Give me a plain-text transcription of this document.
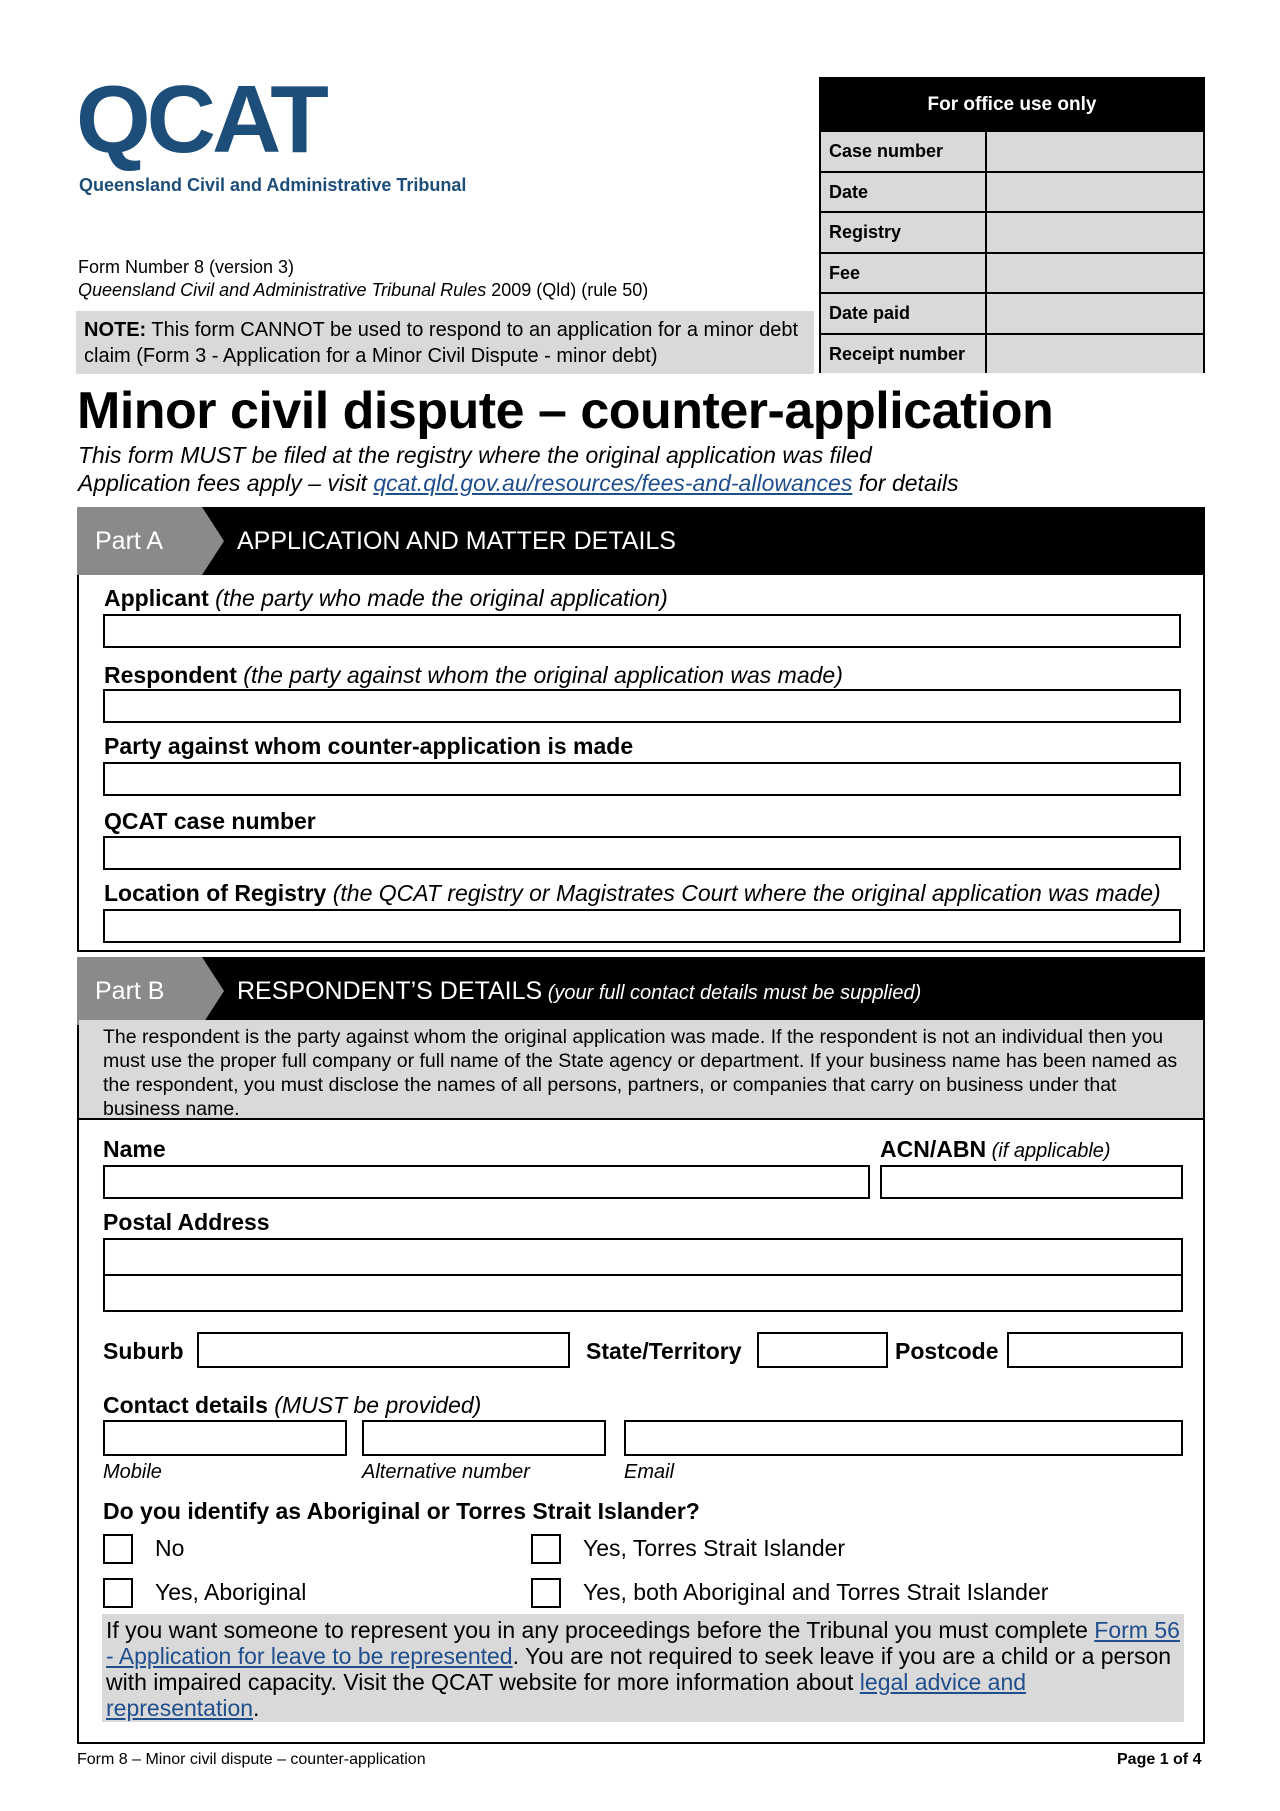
QCAT
Queensland Civil and Administrative Tribunal
Form Number 8 (version 3)
Queensland Civil and Administrative Tribunal Rules 2009 (Qld) (rule 50)
NOTE: This form CANNOT be used to respond to an application for a minor debt claim (Form 3 - Application for a Minor Civil Dispute - minor debt)
For office use only
Case number
Date
Registry
Fee
Date paid
Receipt number
Minor civil dispute – counter-application
This form MUST be filed at the registry where the original application was filed
Application fees apply – visit qcat.qld.gov.au/resources/fees-and-allowances for details
Part A	APPLICATION AND MATTER DETAILS
Applicant (the party who made the original application)
Respondent (the party against whom the original application was made)
Party against whom counter-application is made
QCAT case number
Location of Registry (the QCAT registry or Magistrates Court where the original application was made)
Part B	RESPONDENT’S DETAILS (your full contact details must be supplied)
The respondent is the party against whom the original application was made. If the respondent is not an individual then you must use the proper full company or full name of the State agency or department. If your business name has been named as the respondent, you must disclose the names of all persons, partners, or companies that carry on business under that business name.
Name	ACN/ABN (if applicable)
Postal Address
Suburb	State/Territory	Postcode
Contact details (MUST be provided)
Mobile	Alternative number	Email
Do you identify as Aboriginal or Torres Strait Islander?
No	Yes, Torres Strait Islander
Yes, Aboriginal	Yes, both Aboriginal and Torres Strait Islander
If you want someone to represent you in any proceedings before the Tribunal you must complete Form 56 - Application for leave to be represented. You are not required to seek leave if you are a child or a person with impaired capacity. Visit the QCAT website for more information about legal advice and representation.
Form 8 – Minor civil dispute – counter-application	Page 1 of 4
